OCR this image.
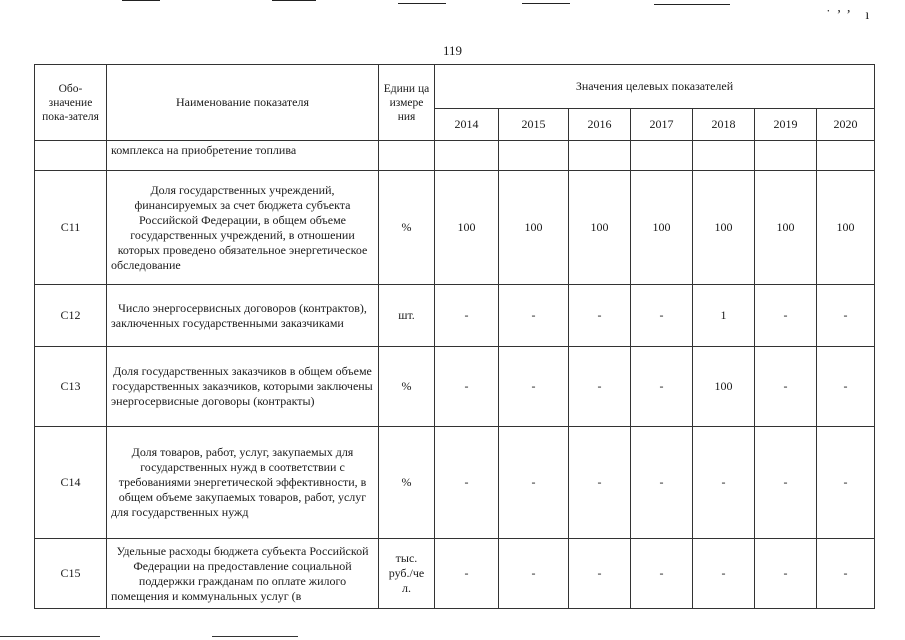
˙’’ ı
119
Обо-значение пока-зателя	Наименование показателя	Едини ца измере ния	Значения целевых показателей						
			2014	2015	2016	2017	2018	2019	2020
	комплекса на приобретение топлива								
С11	Доля государственных учреждений, финансируемых за счет бюджета субъекта Российской Федерации, в общем объеме государственных учреждений, в отношении которых проведено обязательное энергетическое обследование	%	100	100	100	100	100	100	100
С12	Число энергосервисных договоров (контрактов), заключенных государственными заказчиками	шт.	-	-	-	-	1	-	-
С13	Доля государственных заказчиков в общем объеме государственных заказчиков, которыми заключены энергосервисные договоры (контракты)	%	-	-	-	-	100	-	-
С14	Доля товаров, работ, услуг, закупаемых для государственных нужд в соответствии с требованиями энергетической эффективности, в общем объеме закупаемых товаров, работ, услуг для государственных нужд	%	-	-	-	-	-	-	-
С15	Удельные расходы бюджета субъекта Российской Федерации на предоставление социальной поддержки гражданам по оплате жилого помещения и коммунальных услуг (в	тыс. руб./че л.	-	-	-	-	-	-	-
